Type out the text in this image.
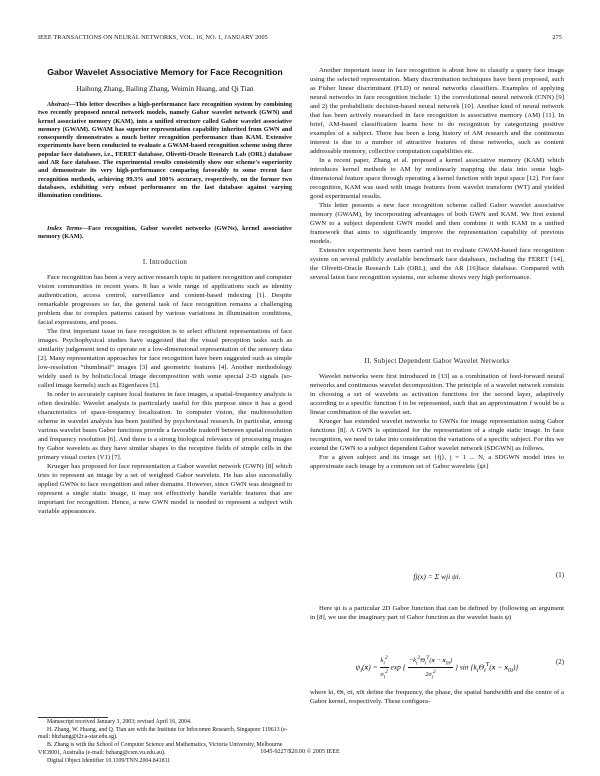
IEEE TRANSACTIONS ON NEURAL NETWORKS, VOL. 16, NO. 1, JANUARY 2005	275
Gabor Wavelet Associative Memory for Face Recognition
Haihong Zhang, Bailing Zhang, Weimin Huang, and Qi Tian

Abstract—This letter describes a high-performance face recognition system by combining two recently proposed neural network models, namely Gabor wavelet network (GWN) and kernel associative memory (KAM), into a unified structure called Gabor wavelet associative memory (GWAM). GWAM has superior representation capability inherited from GWN and consequently demonstrates a much better recognition performance than KAM. Extensive experiments have been conducted to evaluate a GWAM-based recognition scheme using three popular face databases, i.e., FERET database, Olivetti-Oracle Research Lab (ORL) database and AR face database. The experimental results consistently show our scheme's superiority and demonstrate its very high-performance comparing favorably to some recent face recognition methods, achieving 99.3% and 100% accuracy, respectively, on the former two databases, exhibiting very robust performance on the last database against varying illumination conditions.

Index Terms—Face recognition, Gabor wavelet networks (GWNs), kernel associative memory (KAM).

I. Introduction

Face recognition has been a very active research topic in pattern recognition and computer vision communities in recent years. It has a wide range of applications such as identity authentication, access control, surveillance and content-based indexing [1]. Despite remarkable progresses so far, the general task of face recognition remains a challenging problem due to complex patterns caused by various variations in illumination conditions, facial expressions, and poses.

The first important issue in face recognition is to select efficient representations of face images. Psychophysical studies have suggested that the visual perception tasks such as similarity judgement tend to operate on a low-dimensional representation of the sensory data [2]. Many representation approaches for face recognition have been suggested such as simple low-resolution “thumbnail” images [3] and geometric features [4]. Another methodology widely used is by holistic/local image decomposition with some special 2-D signals (so-called image kernels) such as Eigenfaces [5].

In order to accurately capture local features in face images, a spatial-frequency analysis is often desirable. Wavelet analysis is particularly useful for this purpose since it has a good characteristics of space-frequency localization. In computer vision, the multiresolution scheme in wavelet analysis has been justified by psychovisual research. In particular, among various wavelet bases Gabor functions provide a favorable tradeoff between spatial resolution and frequency resolution [6]. And there is a strong biological relevance of processing images by Gabor wavelets as they have similar shapes to the receptive fields of simple cells in the primary visual cortex (V1) [7].

Krueger has proposed for face representation a Gabor wavelet network (GWN) [8] which tries to represent an image by a set of weighted Gabor wavelets. He has also successfully applied GWNs to face recognition and other domains. However, since GWN was designed to represent a single static image, it may not effectively handle variable features that are important for recognition. Hence, a new GWN model is needed to represent a subject with variable appearances.

Manuscript received January 3, 2003; revised April 16, 2004.
H. Zhang, W. Huang, and Q. Tian are with the Institute for Infocomm Research, Singapore 119613 (e-mail: hhzhang@i2r.a-star.edu.sg).
B. Zhang is with the School of Computer Science and Mathematics, Victoria University, Melbourne VIC8001, Australia (e-mail: bzhang@csm.vu.edu.au).
Digital Object Identifier 10.1109/TNN.2004.841811

Another important issue in face recognition is about how to classify a query face image using the selected representation. Many discrimination techniques have been proposed, such as Fisher linear discriminant (FLD) or neural networks classifiers. Examples of applying neural networks in face recognition include: 1) the convolutional neural network (CNN) [9] and 2) the probabilistic decision-based neural network [10]. Another kind of neural network that has been actively researched in face recognition is associative memory (AM) [11]. In brief, AM-based classification learns how to do recognition by categorizing positive examples of a subject. There has been a long history of AM research and the continuous interest is due to a number of attractive features of these networks, such as content addressable memory, collective computation capabilities etc.

In a recent paper, Zhang et al. proposed a kernel associative memory (KAM) which introduces kernel methods to AM by nonlinearly mapping the data into some high-dimensional feature space through operating a kernel function with input space [12]. For face recognition, KAM was used with image features from wavelet transform (WT) and yielded good experimental results.

This letter presents a new face recognition scheme called Gabor wavelet associative memory (GWAM), by incorporating advantages of both GWN and KAM. We first extend GWN to a subject dependent GWN model and then combine it with KAM in a unified framework that aims to significantly improve the representation capability of previous models.

Extensive experiments have been carried out to evaluate GWAM-based face recognition system on several publicly available benchmark face databases, including the FERET [14], the Olivetti-Oracle Research Lab (ORL), and the AR [16]face database. Compared with several latest face recognition systems, our scheme shows very high performance.

II. Subject Dependent Gabor Wavelet Networks

Wavelet networks were first introduced in [13] as a combination of feed-forward neural networks and continuous wavelet decomposition. The principle of a wavelet network consists in choosing a set of wavelets as activation functions for the second layer, adaptively according to a specific function f to be represented, such that an approximation f would be a linear combination of the wavelet set.

Krueger has extended wavelet networks to GWNs for image representation using Gabor functions [8]. A GWN is optimized for the representation of a single static image. In face recognition, we need to take into consideration the variations of a specific subject. For this we extend the GWN to a subject dependent Gabor wavelet network (SDGWN) as follows.

For a given subject and its image set {fj}, j = 1 ... N, a SDGWN model tries to approximate each image by a common set of Gabor wavelets {ψi}

fj(x) = Σ wji ψi.	(1)

Here ψi is a particular 2D Gabor function that can be defined by (following an argument in [8], we use the imaginary part of Gabor function as the wavelet basis ψ)

$\psi_i(x) = \frac{k_i^2}{\sigma_i^2}$ exp { $\frac{-k_i^2\Theta_i^T(x - x_{0i})}{2\sigma_i^2}$ } $\sin \{k_i\Theta_i^T(x - x_{0i})\}$
(2)

where ki, Θi, σi, x0i define the frequency, the phase, the spatial bandwidth and the centre of a Gabor kernel, respectively. These configura-

1045-9227/$20.00 © 2005 IEEE
